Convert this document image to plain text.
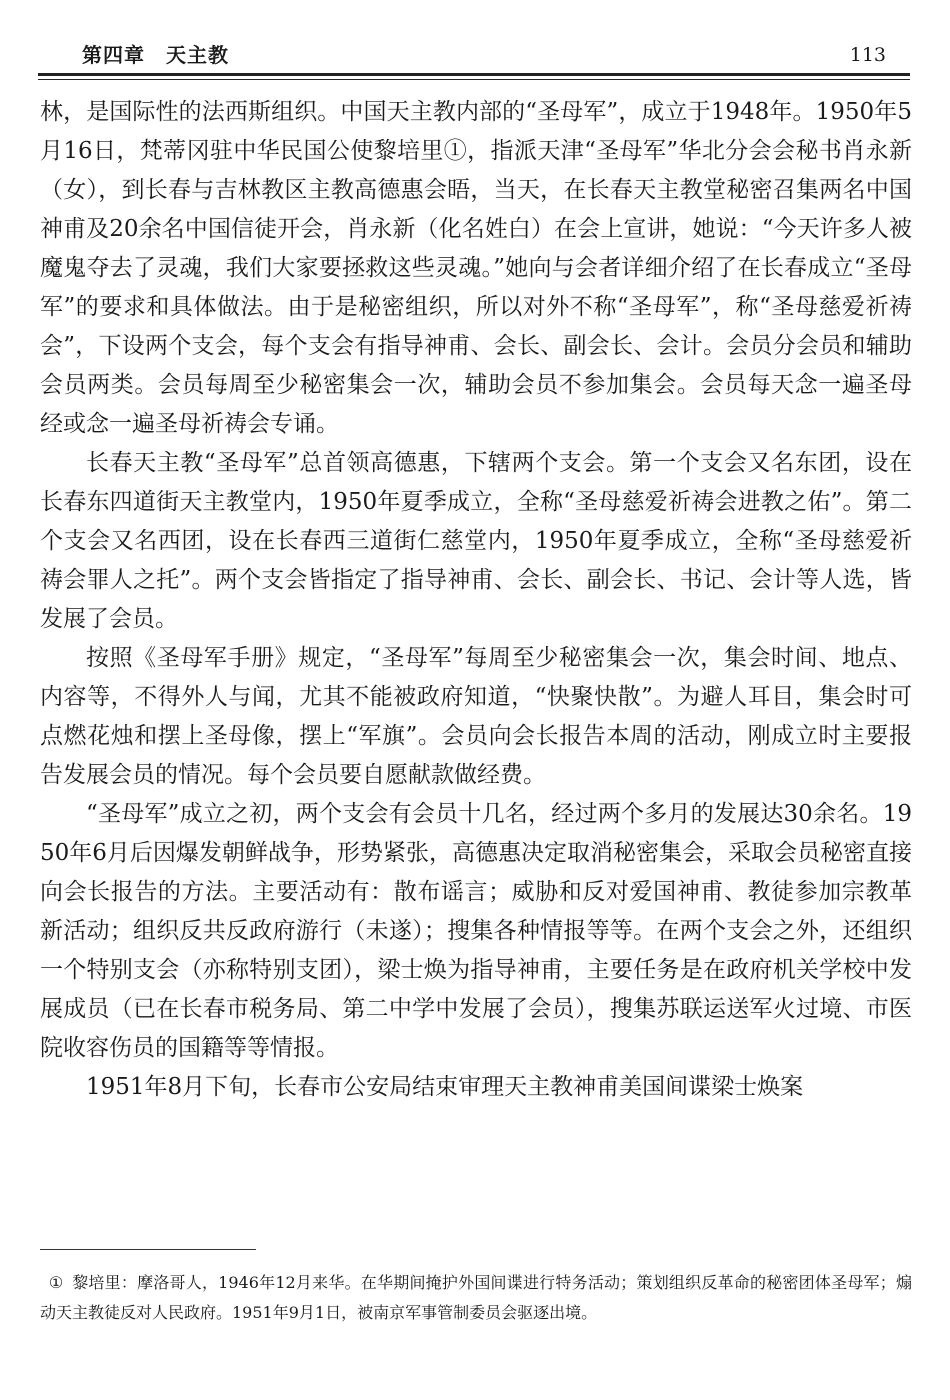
第四章　天主教	113

林，是国际性的法西斯组织。中国天主教内部的“圣母军”，成立于1948年。1950年5月16日，梵蒂冈驻中华民国公使黎培里①，指派天津“圣母军”华北分会会秘书肖永新（女），到长春与吉林教区主教高德惠会晤，当天，在长春天主教堂秘密召集两名中国神甫及20余名中国信徒开会，肖永新（化名姓白）在会上宣讲，她说：“今天许多人被魔鬼夺去了灵魂，我们大家要拯救这些灵魂。”她向与会者详细介绍了在长春成立“圣母军”的要求和具体做法。由于是秘密组织，所以对外不称“圣母军”，称“圣母慈爱祈祷会”，下设两个支会，每个支会有指导神甫、会长、副会长、会计。会员分会员和辅助会员两类。会员每周至少秘密集会一次，辅助会员不参加集会。会员每天念一遍圣母经或念一遍圣母祈祷会专诵。

长春天主教“圣母军”总首领高德惠，下辖两个支会。第一个支会又名东团，设在长春东四道街天主教堂内，1950年夏季成立，全称“圣母慈爱祈祷会进教之佑”。第二个支会又名西团，设在长春西三道街仁慈堂内，1950年夏季成立，全称“圣母慈爱祈祷会罪人之托”。两个支会皆指定了指导神甫、会长、副会长、书记、会计等人选，皆发展了会员。

按照《圣母军手册》规定，“圣母军”每周至少秘密集会一次，集会时间、地点、内容等，不得外人与闻，尤其不能被政府知道，“快聚快散”。为避人耳目，集会时可点燃花烛和摆上圣母像，摆上“军旗”。会员向会长报告本周的活动，刚成立时主要报告发展会员的情况。每个会员要自愿献款做经费。

“圣母军”成立之初，两个支会有会员十几名，经过两个多月的发展达30余名。1950年6月后因爆发朝鲜战争，形势紧张，高德惠决定取消秘密集会，采取会员秘密直接向会长报告的方法。主要活动有：散布谣言；威胁和反对爱国神甫、教徒参加宗教革新活动；组织反共反政府游行（未遂）；搜集各种情报等等。在两个支会之外，还组织一个特别支会（亦称特别支团），梁士焕为指导神甫，主要任务是在政府机关学校中发展成员（已在长春市税务局、第二中学中发展了会员），搜集苏联运送军火过境、市医院收容伤员的国籍等等情报。

1951年8月下旬，长春市公安局结束审理天主教神甫美国间谍梁士焕案

① 黎培里：摩洛哥人，1946年12月来华。在华期间掩护外国间谍进行特务活动；策划组织反革命的秘密团体圣母军；煽动天主教徒反对人民政府。1951年9月1日，被南京军事管制委员会驱逐出境。
